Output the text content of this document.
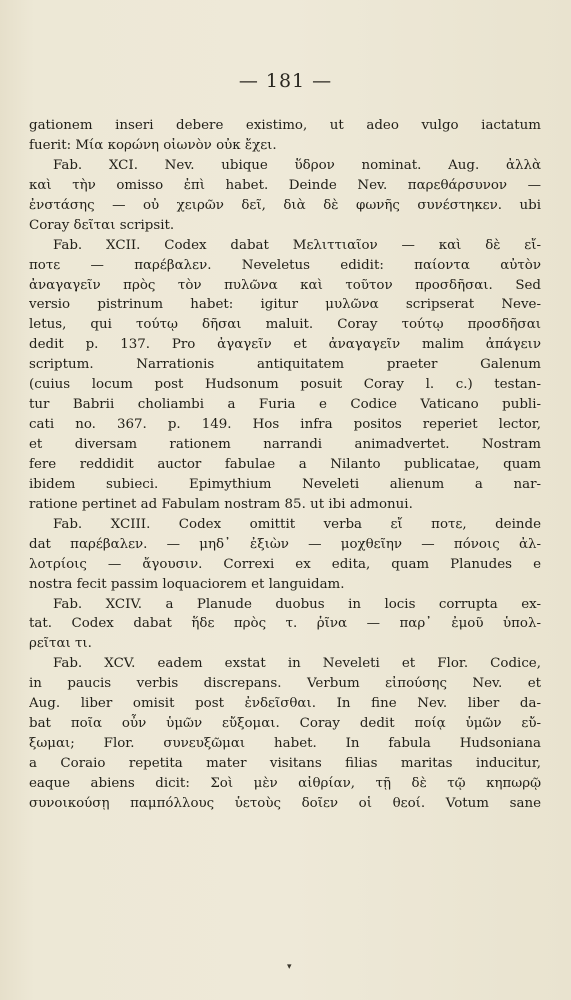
— 181 —
gationem inseri debere existimo, ut adeo vulgo iactatum
fuerit: Μία κορώνη οἰωνὸν οὐκ ἔχει.
Fab. XCI. Nev. ubique ὕδρον nominat. Aug. ἀλλὰ
καὶ τὴν omisso ἐπὶ habet. Deinde Nev. παρεθάρσυνον —
ἐνστάσης — οὐ χειρῶν δεῖ, διὰ δὲ φωνῆς συνέστηκεν. ubi
Coray δεῖται scripsit.
Fab. XCII. Codex dabat Μελιττιαῖον — καὶ δὲ εἴ-
ποτε — παρέβαλεν. Neveletus edidit: παίοντα αὐτὸν
ἀναγαγεῖν πρὸς τὸν πυλῶνα καὶ τοῦτον προσδῆσαι. Sed
versio pistrinum habet: igitur μυλῶνα scripserat Neve-
letus, qui τούτῳ δῆσαι maluit. Coray τούτῳ προσδῆσαι
dedit p. 137. Pro ἀγαγεῖν et ἀναγαγεῖν malim ἀπάγειν
scriptum. Narrationis antiquitatem praeter Galenum
(cuius locum post Hudsonum posuit Coray l. c.) testan-
tur Babrii choliambi a Furia e Codice Vaticano publi-
cati no. 367. p. 149. Hos infra positos reperiet lector,
et diversam rationem narrandi animadvertet. Nostram
fere reddidit auctor fabulae a Nilanto publicatae, quam
ibidem subieci. Epimythium Neveleti alienum a nar-
ratione pertinet ad Fabulam nostram 85. ut ibi admonui.
Fab. XCIII. Codex omittit verba εἴ ποτε, deinde
dat παρέβαλεν. — μηδ᾽ ἐξιὼν — μοχθεῖην — πόνοις ἀλ-
λοτρίοις — ἄγουσιν. Correxi ex edita, quam Planudes e
nostra fecit passim loquaciorem et languidam.
Fab. XCIV. a Planude duobus in locis corrupta ex-
tat. Codex dabat ἥδε πρὸς τ. ῥῖνα — παρ᾽ ἐμοῦ ὑπολ-
ρεῖται τι.
Fab. XCV. eadem exstat in Neveleti et Flor. Codice,
in paucis verbis discrepans. Verbum εἰπούσης Nev. et
Aug. liber omisit post ἐνδεῖσθαι. In fine Nev. liber da-
bat ποῖα οὖν ὑμῶν εὔξομαι. Coray dedit ποίᾳ ὑμῶν εὔ-
ξωμαι; Flor. συνευξῶμαι habet. In fabula Hudsoniana
a Coraio repetita mater visitans filias maritas inducitur,
eaque abiens dicit: Σοὶ μὲν αἰθρίαν, τῇ δὲ τῷ κηπωρῷ
συνοικούσῃ παμπόλλους ὑετοὺς δοῖεν οἱ θεοί. Votum sane
▾
